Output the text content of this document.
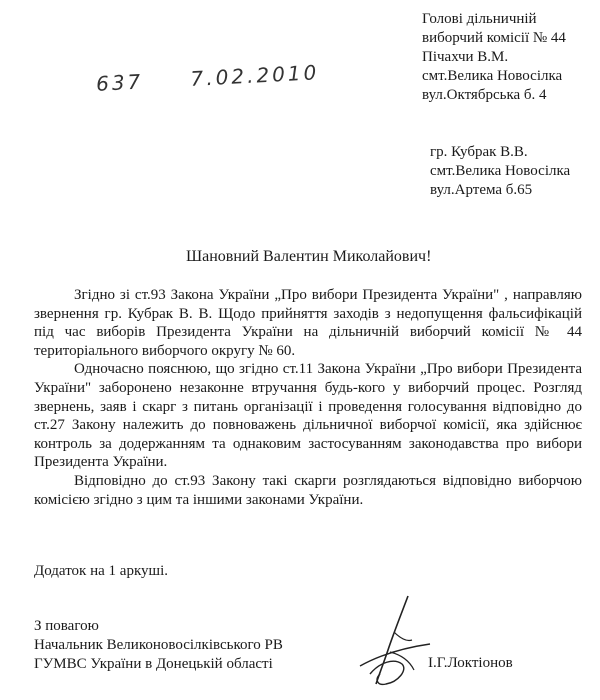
Голові дільничній
виборчий комісії № 44
Пічахчи В.М.
смт.Велика Новосілка
вул.Октябрська б. 4
637 7.02.2010
гр. Кубрак В.В.
смт.Велика Новосілка
вул.Артема б.65
Шановний Валентин Миколайович!

Згідно зі ст.93 Закона України „Про вибори Президента України" , направляю звернення гр. Кубрак В. В. Щодо прийняття заходів з недопущення фальсифікацій під час виборів Президента України на дільничній виборчий комісії № 44 територіального виборчого округу № 60.

Одночасно пояснюю, що згідно ст.11 Закона України „Про вибори Президента України" заборонено незаконне втручання будь-кого у виборчий процес. Розгляд звернень, заяв і скарг з питань організації і проведення голосування відповідно до ст.27 Закону належить до повноважень дільничної виборчої комісії, яка здійснює контроль за додержанням та однаковим застосуванням законодавства про вибори Президента України.

Відповідно до ст.93 Закону такі скарги розглядаються відповідно виборчою комісією згідно з цим та іншими законами України.

Додаток на 1 аркуші.
З повагою
Начальник Великоновосілківського РВ
ГУМВС України в Донецькій області	І.Г.Локтіонов
